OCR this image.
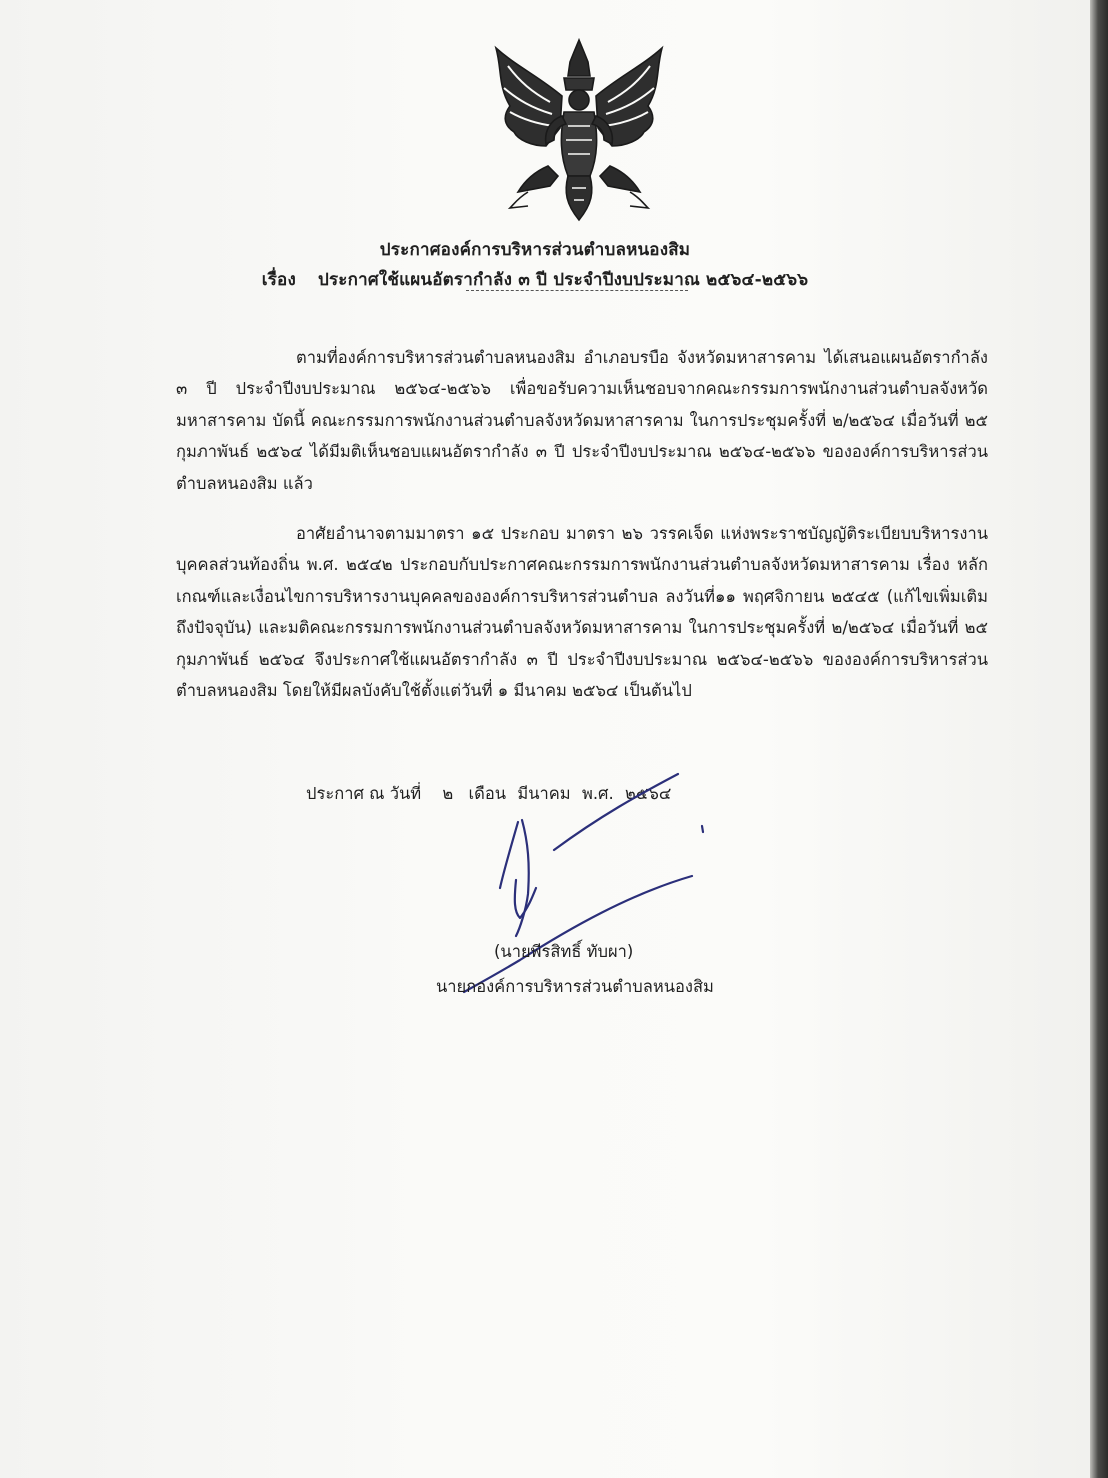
ประกาศองค์การบริหารส่วนตำบลหนองสิม
เรื่อง ประกาศใช้แผนอัตรากำลัง ๓ ปี ประจำปีงบประมาณ ๒๕๖๔-๒๕๖๖
ตามที่องค์การบริหารส่วนตำบลหนองสิม อำเภอบรบือ จังหวัดมหาสารคาม ได้เสนอแผนอัตรากำลัง ๓ ปี ประจำปีงบประมาณ ๒๕๖๔-๒๕๖๖ เพื่อขอรับความเห็นชอบจากคณะกรรมการพนักงานส่วนตำบลจังหวัดมหาสารคาม บัดนี้ คณะกรรมการพนักงานส่วนตำบลจังหวัดมหาสารคาม ในการประชุมครั้งที่ ๒/๒๕๖๔ เมื่อวันที่ ๒๕ กุมภาพันธ์ ๒๕๖๔ ได้มีมติเห็นชอบแผนอัตรากำลัง ๓ ปี ประจำปีงบประมาณ ๒๕๖๔-๒๕๖๖ ขององค์การบริหารส่วนตำบลหนองสิม แล้ว
อาศัยอำนาจตามมาตรา ๑๕ ประกอบ มาตรา ๒๖ วรรคเจ็ด แห่งพระราชบัญญัติระเบียบบริหารงานบุคคลส่วนท้องถิ่น พ.ศ. ๒๕๔๒ ประกอบกับประกาศคณะกรรมการพนักงานส่วนตำบลจังหวัดมหาสารคาม เรื่อง หลักเกณฑ์และเงื่อนไขการบริหารงานบุคคลขององค์การบริหารส่วนตำบล ลงวันที่๑๑ พฤศจิกายน ๒๕๔๕ (แก้ไขเพิ่มเติมถึงปัจจุบัน) และมติคณะกรรมการพนักงานส่วนตำบลจังหวัดมหาสารคาม ในการประชุมครั้งที่ ๒/๒๕๖๔ เมื่อวันที่ ๒๕ กุมภาพันธ์ ๒๕๖๔ จึงประกาศใช้แผนอัตรากำลัง ๓ ปี ประจำปีงบประมาณ ๒๕๖๔-๒๕๖๖ ขององค์การบริหารส่วนตำบลหนองสิม โดยให้มีผลบังคับใช้ตั้งแต่วันที่ ๑ มีนาคม ๒๕๖๔ เป็นต้นไป
ประกาศ ณ วันที่ ๒ เดือน มีนาคม พ.ศ. ๒๕๖๔
(นายพีรสิทธิ์ ทับผา)
นายกองค์การบริหารส่วนตำบลหนองสิม
